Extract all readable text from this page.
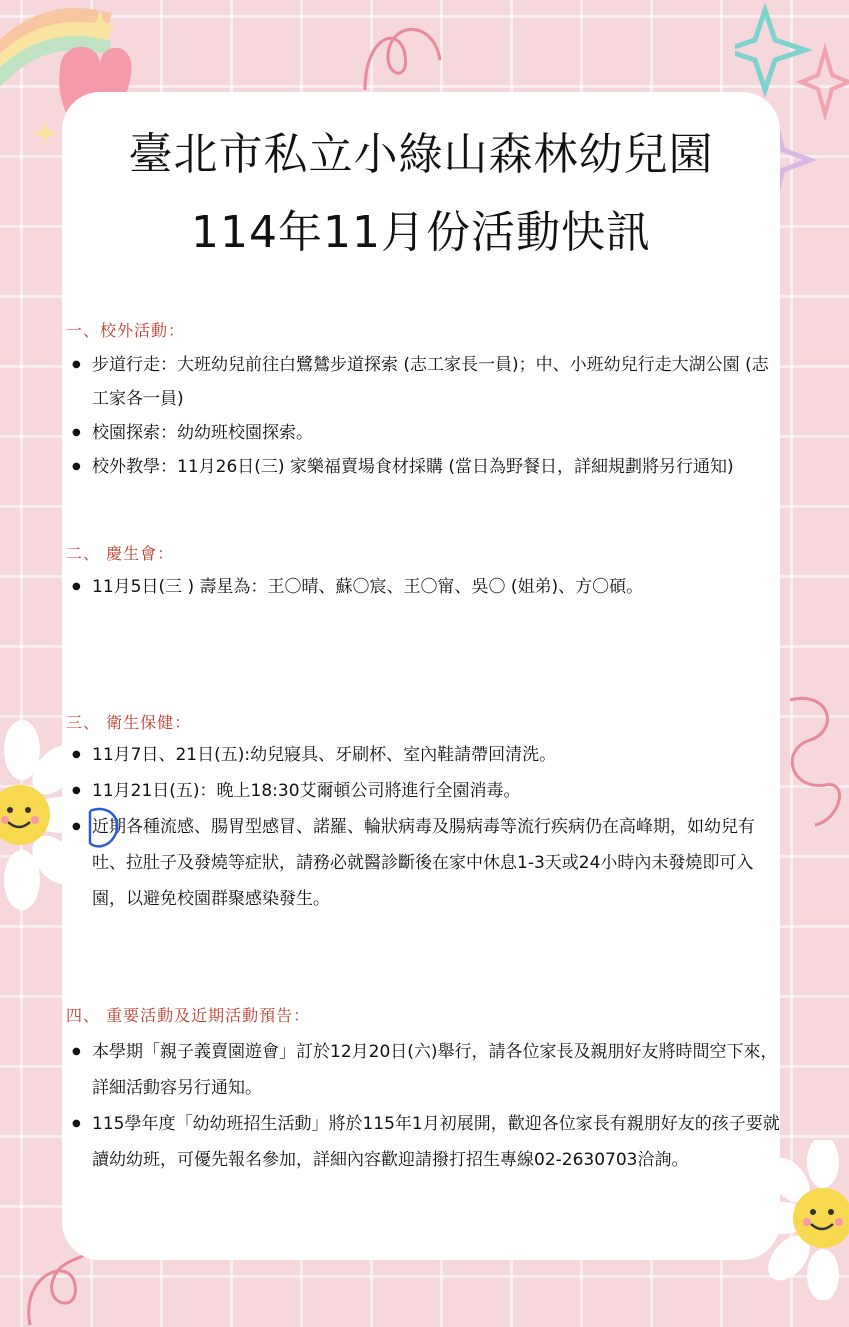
臺北市私立小綠山森林幼兒園
114年11月份活動快訊
一、校外活動：
● 步道行走：大班幼兒前往白鷺鷥步道探索 (志工家長一員)；中、小班幼兒行走大湖公園 (志工家各一員)
● 校園探索：幼幼班校園探索。
● 校外教學：11月26日(三) 家樂福賣場食材採購 (當日為野餐日，詳細規劃將另行通知)
二、 慶生會：
● 11月5日(三 ) 壽星為：王〇晴、蘇〇宸、王〇甯、吳〇 (姐弟)、方〇碩。
三、 衛生保健：
● 11月7日、21日(五):幼兒寢具、牙刷杯、室內鞋請帶回清洗。
● 11月21日(五)：晚上18:30艾爾頓公司將進行全園消毒。
● 近期各種流感、腸胃型感冒、諾羅、輪狀病毒及腸病毒等流行疾病仍在高峰期，如幼兒有吐、拉肚子及發燒等症狀，請務必就醫診斷後在家中休息1-3天或24小時內未發燒即可入園，以避免校園群聚感染發生。
四、 重要活動及近期活動預告：
● 本學期「親子義賣園遊會」訂於12月20日(六)舉行，請各位家長及親朋好友將時間空下來，詳細活動容另行通知。
● 115學年度「幼幼班招生活動」將於115年1月初展開，歡迎各位家長有親朋好友的孩子要就讀幼幼班，可優先報名參加，詳細內容歡迎請撥打招生專線02-2630703洽詢。
